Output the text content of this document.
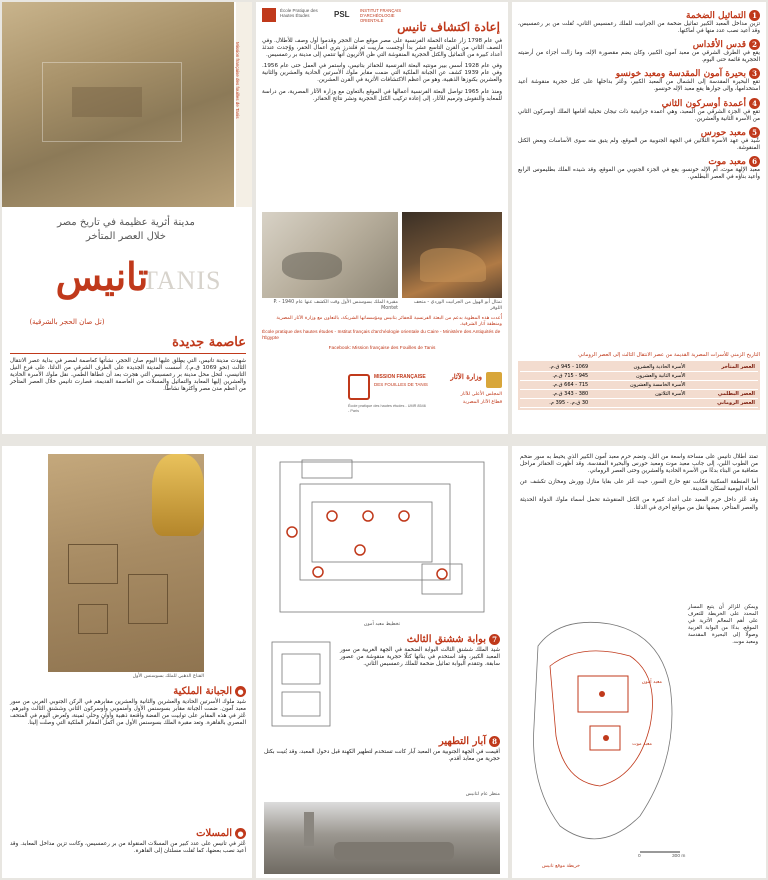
Mission française des fouilles de Tanis
مدينة أثرية عظيمة في تاريخ مصر
خلال العصر المتأخر
TANIS
تانيس
(تل صان الحجر بالشرقية)
عاصمة جديدة
شهدت مدينة تانيس، التي يطلق عليها اليوم صان الحجر، نشأتها كعاصمة لمصر في بداية عصر الانتقال الثالث (نحو 1069 ق.م.). أُسست المدينة الجديدة على الطرف الشرقي من الدلتا، على فرع النيل التانيسي، لتحل محل مدينة بر رعمسيس التي هجرت بعد أن غطاها الطمي. نقل ملوك الأسرة الحادية والعشرين إليها المعابد والتماثيل والمسلات من العاصمة القديمة، فصارت تانيس خلال العصر المتأخر من أعظم مدن مصر وأكثرها نشاطًا.
École Pratique des Hautes Études	PSL INSTITUT FRANÇAIS D'ARCHÉOLOGIE ORIENTALE	إعادة اكتشاف تانيس
في عام 1798 زار علماء الحملة الفرنسية على مصر موقع صان الحجر وقدموا أول وصف للأطلال. وفي النصف الثاني من القرن التاسع عشر بدأ أوجست مارييت ثم فلندرز بتري أعمال الحفر، ووُجدت عندئذ أعداد كبيرة من التماثيل والكتل الحجرية المنقوشة التي ظن الأثريون أنها تنتمي إلى مدينة بر رعمسيس.
وفي عام 1928 أسس بيير مونتيه البعثة الفرنسية للحفائر بتانيس، واستمر في العمل حتى عام 1956. وفي عام 1939 كشف عن الجبانة الملكية التي ضمت مقابر ملوك الأسرتين الحادية والعشرين والثانية والعشرين بكنوزها الذهبية، وهو من أعظم الاكتشافات الأثرية في القرن العشرين.
ومنذ عام 1965 تواصل البعثة الفرنسية أعمالها في الموقع بالتعاون مع وزارة الآثار المصرية، من دراسة للمعابد والنقوش وترميم للآثار، إلى إعادة تركيب الكتل الحجرية ونشر نتائج الحفائر.
مقبرة الملك بسوسنس الأول وقت الكشف عنها عام 1940 - P. Montet
تمثال أبو الهول من الجرانيت الوردي - متحف اللوفر
أُعدت هذه المطوية بدعم من البعثة الفرنسية للحفائر بتانيس ومؤسساتها الشريكة، بالتعاون مع وزارة الآثار المصرية ومنطقة آثار الشرقية.
École pratique des hautes études - Institut français d'archéologie orientale du Caire - Ministère des Antiquités de l'Égypte
Facebook: Mission française des Fouilles de Tanis
MISSION FRANÇAISE
DES FOUILLES DE TANIS
École pratique des hautes études - UMR 8546 - Paris
وزارة الآثار
المجلس الأعلى للآثار
قطاع الآثار المصرية
1التماثيل الضخمة
تزين مداخل المعبد الكبير تماثيل ضخمة من الجرانيت للملك رعمسيس الثاني، نُقلت من بر رعمسيس، وقد أعيد نصب عدد منها في أماكنها.
2قدس الأقداس
يقع في الطرف الشرقي من معبد آمون الكبير، وكان يضم مقصورة الإله، وما زالت أجزاء من أرضيته الحجرية قائمة حتى اليوم.
3بحيرة آمون المقدسة ومعبد خونسو
تقع البحيرة المقدسة إلى الشمال من المعبد الكبير، وعُثر بداخلها على كتل حجرية منقوشة أعيد استخدامها، وإلى جوارها يقع معبد الإله خونسو.
4أعمدة أوسركون الثاني
تقع في الجزء الشرقي من المعبد، وهي أعمدة جرانيتية ذات تيجان نخيلية أقامها الملك أوسركون الثاني من الأسرة الثانية والعشرين.
5معبد حورس
شُيد في عهد الأسرة الثلاثين في الجهة الجنوبية من الموقع، ولم يتبق منه سوى الأساسات وبعض الكتل المنقوشة.
6معبد موت
معبد الإلهة موت، أم الإله خونسو، يقع في الجزء الجنوبي من الموقع، وقد شيده الملك بطليموس الرابع وأعيد بناؤه في العصر البطلمي.
التاريخ الزمني للأسرات المصرية القديمة من عصر الانتقال الثالث إلى العصر الروماني
العصر المتأخر	الأسرة الحادية والعشرون	1069 - 945 ق.م.
	الأسرة الثانية والعشرون	945 - 715 ق.م.
	الأسرة الخامسة والعشرون	715 - 664 ق.م.
العصر البطلمي	الأسرة الثلاثون	380 - 343 ق.م.
العصر الروماني		30 ق.م. - 395 م.
القناع الذهبي للملك بسوسنس الأول
●الجبانة الملكية
شيد ملوك الأسرتين الحادية والعشرين والثانية والعشرين مقابرهم في الركن الجنوبي الغربي من سور معبد آمون. ضمت الجبانة مقابر بسوسنس الأول وأمنموبي وأوسركون الثاني وششنق الثالث وغيرهم. عُثر في هذه المقابر على توابيت من الفضة وأقنعة ذهبية وأوانٍ وحلي ثمينة، وتُعرض اليوم في المتحف المصري بالقاهرة. وتعد مقبرة الملك بسوسنس الأول من أكمل المقابر الملكية التي وصلت إلينا.
●المسلات
عُثر في تانيس على عدد كبير من المسلات المنقولة من بر رعمسيس، وكانت تزين مداخل المعابد. وقد أعيد نصب بعضها، كما نُقلت مسلتان إلى القاهرة.
تخطيط معبد آمون
7بوابة ششنق الثالث
شيد الملك ششنق الثالث البوابة الضخمة في الجهة الغربية من سور المعبد الكبير، وقد استخدم في بنائها كتلًا حجرية منقوشة من عصور سابقة. وتتقدم البوابة تماثيل ضخمة للملك رعمسيس الثاني.
8آبار التطهير
أقيمت في الجهة الجنوبية من المعبد آبار كانت تستخدم لتطهير الكهنة قبل دخول المعبد، وقد بُنيت بكتل حجرية من معابد أقدم.
منظر عام لتانيس
تمتد أطلال تانيس على مساحة واسعة من التل، وتضم حرم معبد آمون الكبير الذي يحيط به سور ضخم من الطوب اللبن، إلى جانب معبد موت ومعبد حورس والبحيرة المقدسة. وقد أظهرت الحفائر مراحل متعاقبة من البناء بدءًا من الأسرة الحادية والعشرين وحتى العصر الروماني.
أما المنطقة السكنية فكانت تقع خارج السور، حيث عُثر على بقايا منازل وورش ومخازن تكشف عن الحياة اليومية لسكان المدينة.
وقد عُثر داخل حرم المعبد على أعداد كبيرة من الكتل المنقوشة تحمل أسماء ملوك الدولة الحديثة والعصر المتأخر، بعضها نقل من مواقع أخرى في الدلتا.
ويمكن للزائر أن يتبع المسار المحدد على الخريطة للتعرف على أهم المعالم الأثرية في الموقع، بدءًا من البوابة الغربية وصولًا إلى البحيرة المقدسة ومعبد موت.
معبد آمون
معبد موت
0	300 m
خريطة موقع تانيس
